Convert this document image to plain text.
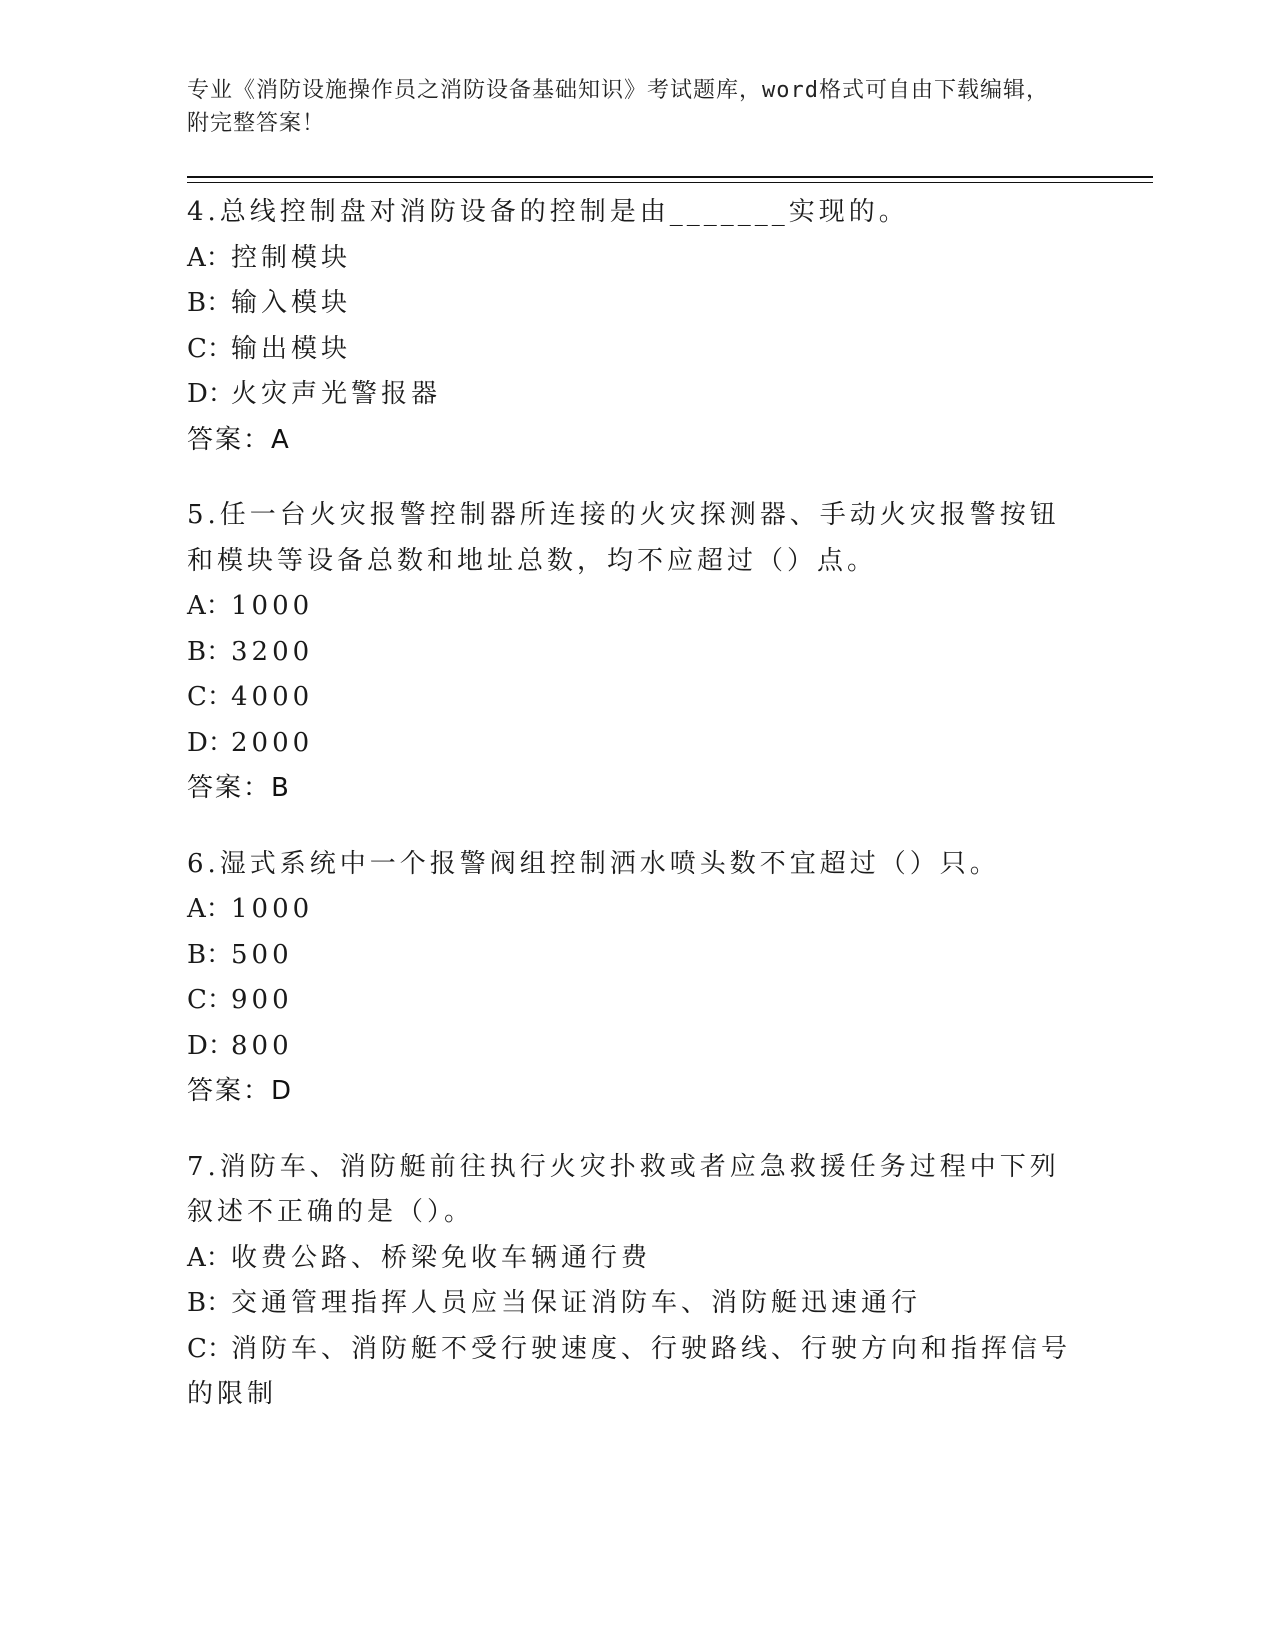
专业《消防设施操作员之消防设备基础知识》考试题库，word格式可自由下载编辑，附完整答案！
4.总线控制盘对消防设备的控制是由_______实现的。
A：控制模块
B：输入模块
C：输出模块
D：火灾声光警报器
答案：A
5.任一台火灾报警控制器所连接的火灾探测器、手动火灾报警按钮和模块等设备总数和地址总数，均不应超过（）点。
A：1000
B：3200
C：4000
D：2000
答案：B
6.湿式系统中一个报警阀组控制洒水喷头数不宜超过（）只。
A：1000
B：500
C：900
D：800
答案：D
7.消防车、消防艇前往执行火灾扑救或者应急救援任务过程中下列叙述不正确的是（）。
A：收费公路、桥梁免收车辆通行费
B：交通管理指挥人员应当保证消防车、消防艇迅速通行
C：消防车、消防艇不受行驶速度、行驶路线、行驶方向和指挥信号的限制
